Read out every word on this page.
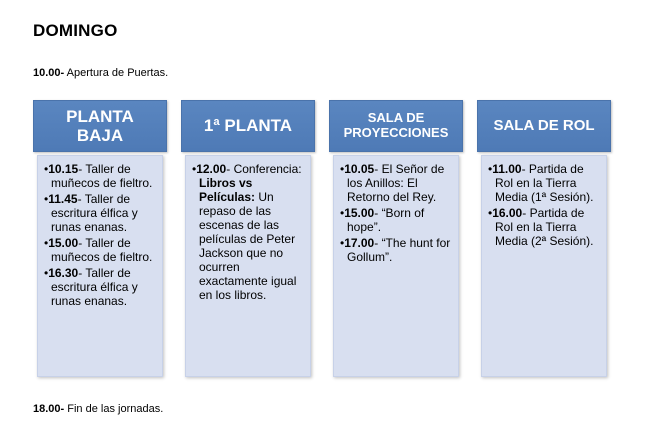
DOMINGO
10.00- Apertura de Puertas.
PLANTA
BAJA
• 10.15- Taller de muñecos de fieltro.
• 11.45- Taller de escritura élfica y runas enanas.
• 15.00- Taller de muñecos de fieltro.
• 16.30- Taller de escritura élfica y runas enanas.
1ª PLANTA
• 12.00- Conferencia: Libros vs Películas: Un repaso de las escenas de las películas de Peter Jackson que no ocurren exactamente igual en los libros.
SALA DE
PROYECCIONES
• 10.05- El Señor de los Anillos: El Retorno del Rey.
• 15.00- “Born of hope”.
• 17.00- “The hunt for Gollum”.
SALA DE ROL
• 11.00- Partida de Rol en la Tierra Media (1ª Sesión).
• 16.00- Partida de Rol en la Tierra Media (2ª Sesión).
18.00- Fin de las jornadas.
